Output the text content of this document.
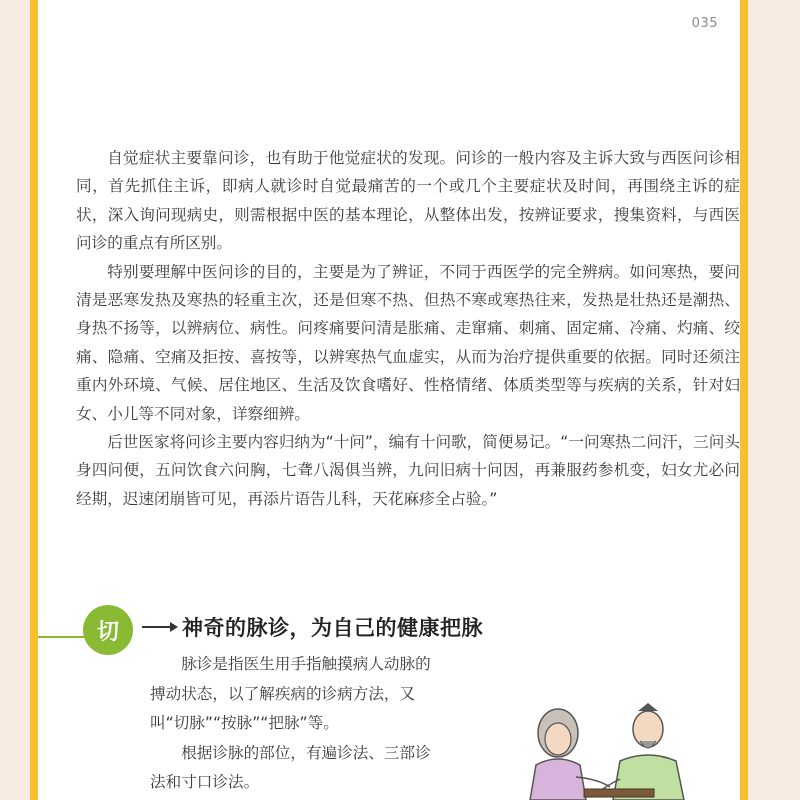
035

自觉症状主要靠问诊，也有助于他觉症状的发现。问诊的一般内容及主诉大致与西医问诊相同，首先抓住主诉，即病人就诊时自觉最痛苦的一个或几个主要症状及时间，再围绕主诉的症状，深入询问现病史，则需根据中医的基本理论，从整体出发，按辨证要求，搜集资料，与西医问诊的重点有所区别。

特别要理解中医问诊的目的，主要是为了辨证，不同于西医学的完全辨病。如问寒热，要问清是恶寒发热及寒热的轻重主次，还是但寒不热、但热不寒或寒热往来，发热是壮热还是潮热、身热不扬等，以辨病位、病性。问疼痛要问清是胀痛、走窜痛、刺痛、固定痛、冷痛、灼痛、绞痛、隐痛、空痛及拒按、喜按等，以辨寒热气血虚实，从而为治疗提供重要的依据。同时还须注重内外环境、气候、居住地区、生活及饮食嗜好、性格情绪、体质类型等与疾病的关系，针对妇女、小儿等不同对象，详察细辨。

后世医家将问诊主要内容归纳为“十问”，编有十问歌，简便易记。“一问寒热二问汗，三问头身四问便，五问饮食六问胸，七聋八渴俱当辨，九问旧病十问因，再兼服药参机变，妇女尤必问经期，迟速闭崩皆可见，再添片语告儿科，天花麻疹全占验。”

切	神奇的脉诊，为自己的健康把脉

脉诊是指医生用手指触摸病人动脉的搏动状态，以了解疾病的诊病方法，又叫“切脉”“按脉”“把脉”等。

根据诊脉的部位，有遍诊法、三部诊法和寸口诊法。
